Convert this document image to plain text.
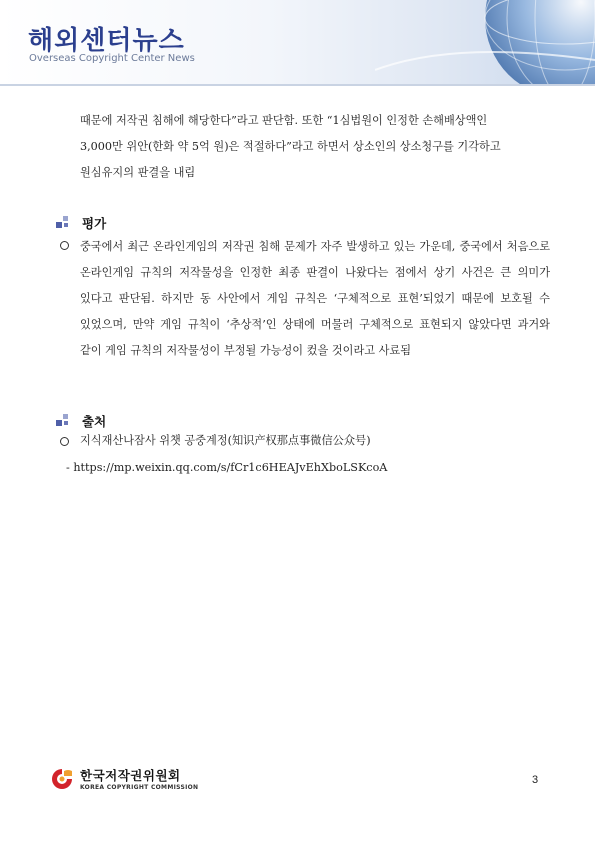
해외센터뉴스
Overseas Copyright Center News
때문에 저작권 침해에 해당한다”라고 판단함. 또한 “1심법원이 인정한 손해배상액인
3,000만 위안(한화 약 5억 원)은 적절하다”라고 하면서 상소인의 상소청구를 기각하고
원심유지의 판결을 내림
평가
중국에서 최근 온라인게임의 저작권 침해 문제가 자주 발생하고 있는 가운데, 중국에서 처음으로 온라인게임 규칙의 저작물성을 인정한 최종 판결이 나왔다는 점에서 상기 사건은 큰 의미가 있다고 판단됨. 하지만 동 사안에서 게임 규칙은 ‘구체적으로 표현’되었기 때문에 보호될 수 있었으며, 만약 게임 규칙이 ‘추상적’인 상태에 머물러 구체적으로 표현되지 않았다면 과거와 같이 게임 규칙의 저작물성이 부정될 가능성이 컸을 것이라고 사료됨
출처
지식재산나잠사 위챗 공중계정(知识产权那点事微信公众号)
- https://mp.weixin.qq.com/s/fCr1c6HEAJvEhXboLSKcoA
한국저작권위원회
KOREA COPYRIGHT COMMISSION
3
